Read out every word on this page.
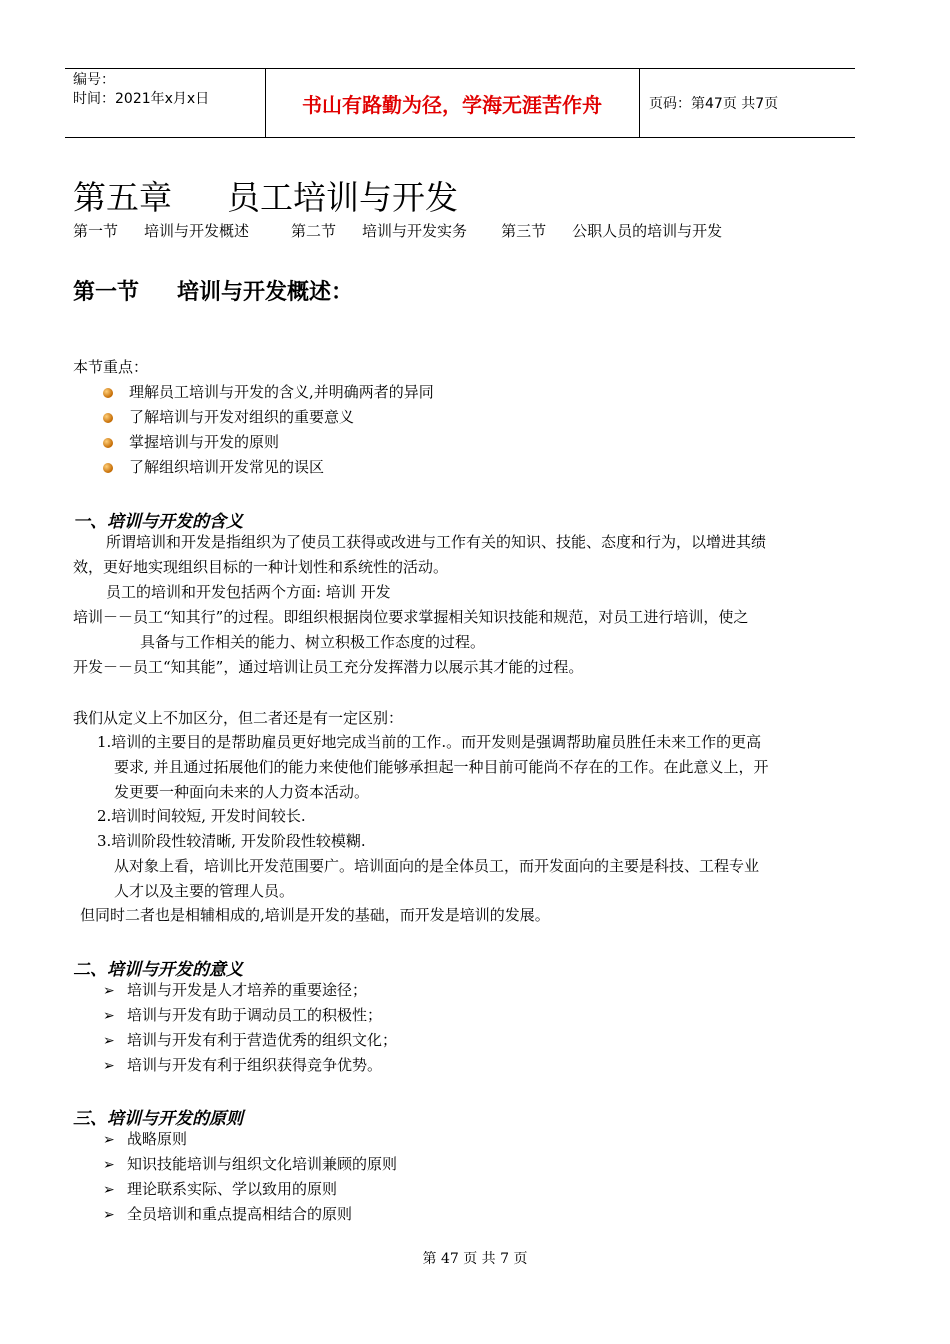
编号：
时间：2021年x月x日	书山有路勤为径，学海无涯苦作舟	页码：第47页 共7页
第五章 员工培训与开发
第一节 培训与开发概述	第二节 培训与开发实务 第三节 公职人员的培训与开发
第一节 培训与开发概述：
本节重点：
理解员工培训与开发的含义,并明确两者的异同
了解培训与开发对组织的重要意义
掌握培训与开发的原则
了解组织培训开发常见的误区
一、培训与开发的含义
所谓培训和开发是指组织为了使员工获得或改进与工作有关的知识、技能、态度和行为，以增进其绩
效，更好地实现组织目标的一种计划性和系统性的活动。
员工的培训和开发包括两个方面: 培训 开发
培训－－员工“知其行”的过程。即组织根据岗位要求掌握相关知识技能和规范，对员工进行培训，使之
具备与工作相关的能力、树立积极工作态度的过程。
开发－－员工“知其能”，通过培训让员工充分发挥潜力以展示其才能的过程。
我们从定义上不加区分，但二者还是有一定区别：
1.培训的主要目的是帮助雇员更好地完成当前的工作.。而开发则是强调帮助雇员胜任未来工作的更高
要求, 并且通过拓展他们的能力来使他们能够承担起一种目前可能尚不存在的工作。在此意义上，开
发更要一种面向未来的人力资本活动。
2.培训时间较短, 开发时间较长.
3.培训阶段性较清晰, 开发阶段性较模糊.
从对象上看，培训比开发范围要广。培训面向的是全体员工，而开发面向的主要是科技、工程专业
人才以及主要的管理人员。
但同时二者也是相辅相成的,培训是开发的基础，而开发是培训的发展。
二、培训与开发的意义
➢ 培训与开发是人才培养的重要途径；
➢ 培训与开发有助于调动员工的积极性；
➢ 培训与开发有利于营造优秀的组织文化；
➢ 培训与开发有利于组织获得竞争优势。
三、培训与开发的原则
➢ 战略原则
➢ 知识技能培训与组织文化培训兼顾的原则
➢ 理论联系实际、学以致用的原则
➢ 全员培训和重点提高相结合的原则
第 47 页 共 7 页
